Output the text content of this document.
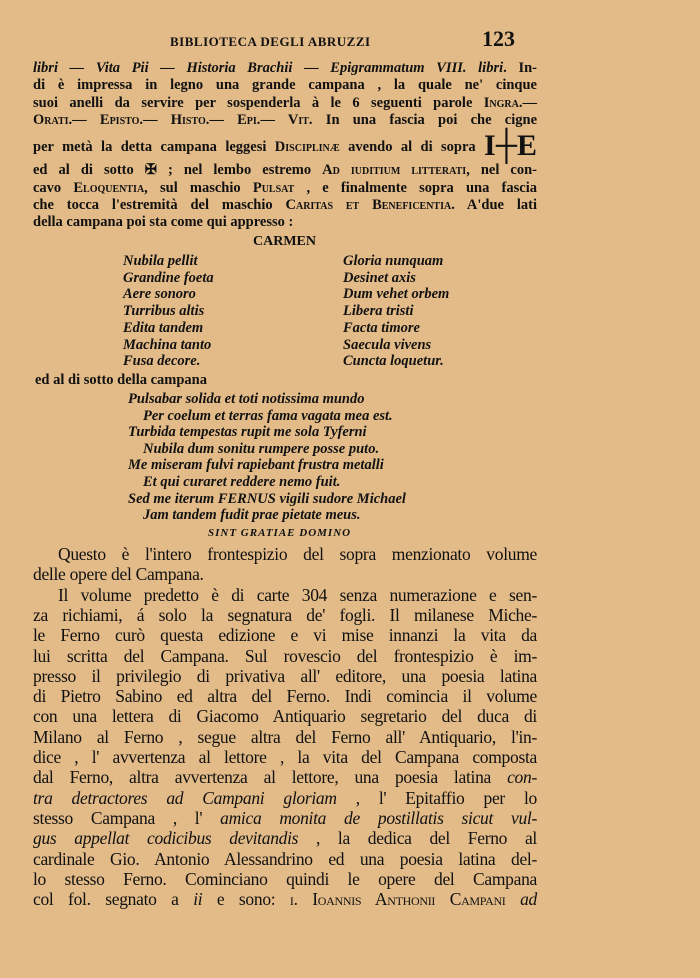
BIBLIOTECA DEGLI ABRUZZI	123
libri — Vita Pii — Historia Brachii — Epigrammatum VIII. libri. In-
di è impressa in legno una grande campana , la quale ne' cinque
suoi anelli da servire per sospenderla à le 6 seguenti parole Ingra.—
Orati.— Episto.— Histo.— Epi.— Vit. In una fascia poi che cigne
per metà la detta campana leggesi Disciplinæ avendo al di sopra I┼E
ed al di sotto ✠ ; nel lembo estremo Ad iuditium litterati, nel con-
cavo Eloquentia, sul maschio Pulsat , e finalmente sopra una fascia
che tocca l'estremità del maschio Caritas et Beneficentia. A'due lati
della campana poi sta come qui appresso :
CARMEN
Nubila pellit
Grandine foeta
Aere sonoro
Turribus altis
Edita tandem
Machina tanto
Fusa decore.
Gloria nunquam
Desinet axis
Dum vehet orbem
Libera tristi
Facta timore
Saecula vivens
Cuncta loquetur.
ed al di sotto della campana
Pulsabar solida et toti notissima mundo
Per coelum et terras fama vagata mea est.
Turbida tempestas rupit me sola Tyferni
Nubila dum sonitu rumpere posse puto.
Me miseram fulvi rapiebant frustra metalli
Et qui curaret reddere nemo fuit.
Sed me iterum FERNUS vigili sudore Michael
Jam tandem fudit prae pietate meus.
SINT GRATIAE DOMINO
Questo è l'intero frontespizio del sopra menzionato volume
delle opere del Campana.
Il volume predetto è di carte 304 senza numerazione e sen-
za richiami, á solo la segnatura de' fogli. Il milanese Miche-
le Ferno curò questa edizione e vi mise innanzi la vita da
lui scritta del Campana. Sul rovescio del frontespizio è im-
presso il privilegio di privativa all' editore, una poesia latina
di Pietro Sabino ed altra del Ferno. Indi comincia il volume
con una lettera di Giacomo Antiquario segretario del duca di
Milano al Ferno , segue altra del Ferno all' Antiquario, l'in-
dice , l' avvertenza al lettore , la vita del Campana composta
dal Ferno, altra avvertenza al lettore, una poesia latina con-
tra detractores ad Campani gloriam , l' Epitaffio per lo
stesso Campana , l' amica monita de postillatis sicut vul-
gus appellat codicibus devitandis , la dedica del Ferno al
cardinale Gio. Antonio Alessandrino ed una poesia latina del-
lo stesso Ferno. Cominciano quindi le opere del Campana
col fol. segnato a ii e sono: i. Ioannis Anthonii Campani ad
